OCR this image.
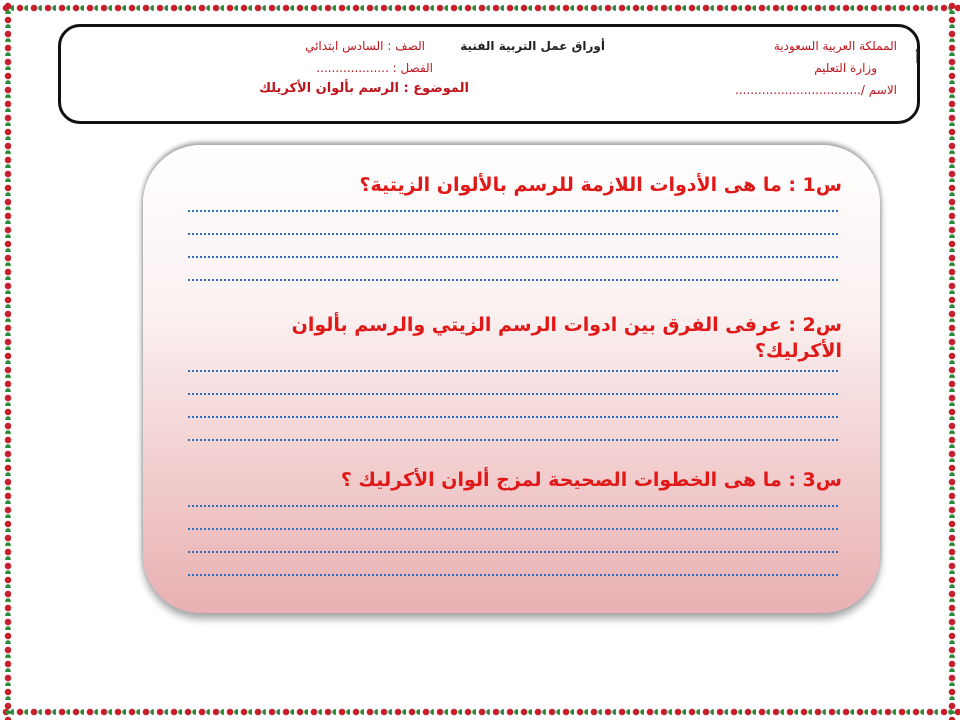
أ
المملكة العربية السعودية
وزارة التعليم
الاسم /.................................
أوراق عمل التربية الفنية
الصف : السادس ابتدائي
الفصل : ...................
الموضوع : الرسم بألوان الأكريلك
س1 : ما هى الأدوات اللازمة للرسم بالألوان الزيتية؟
س2 : عرفى الفرق بين ادوات الرسم الزيتي والرسم بألوان الأكرليك؟
س3 : ما هى الخطوات الصحيحة لمزج ألوان الأكرليك ؟
